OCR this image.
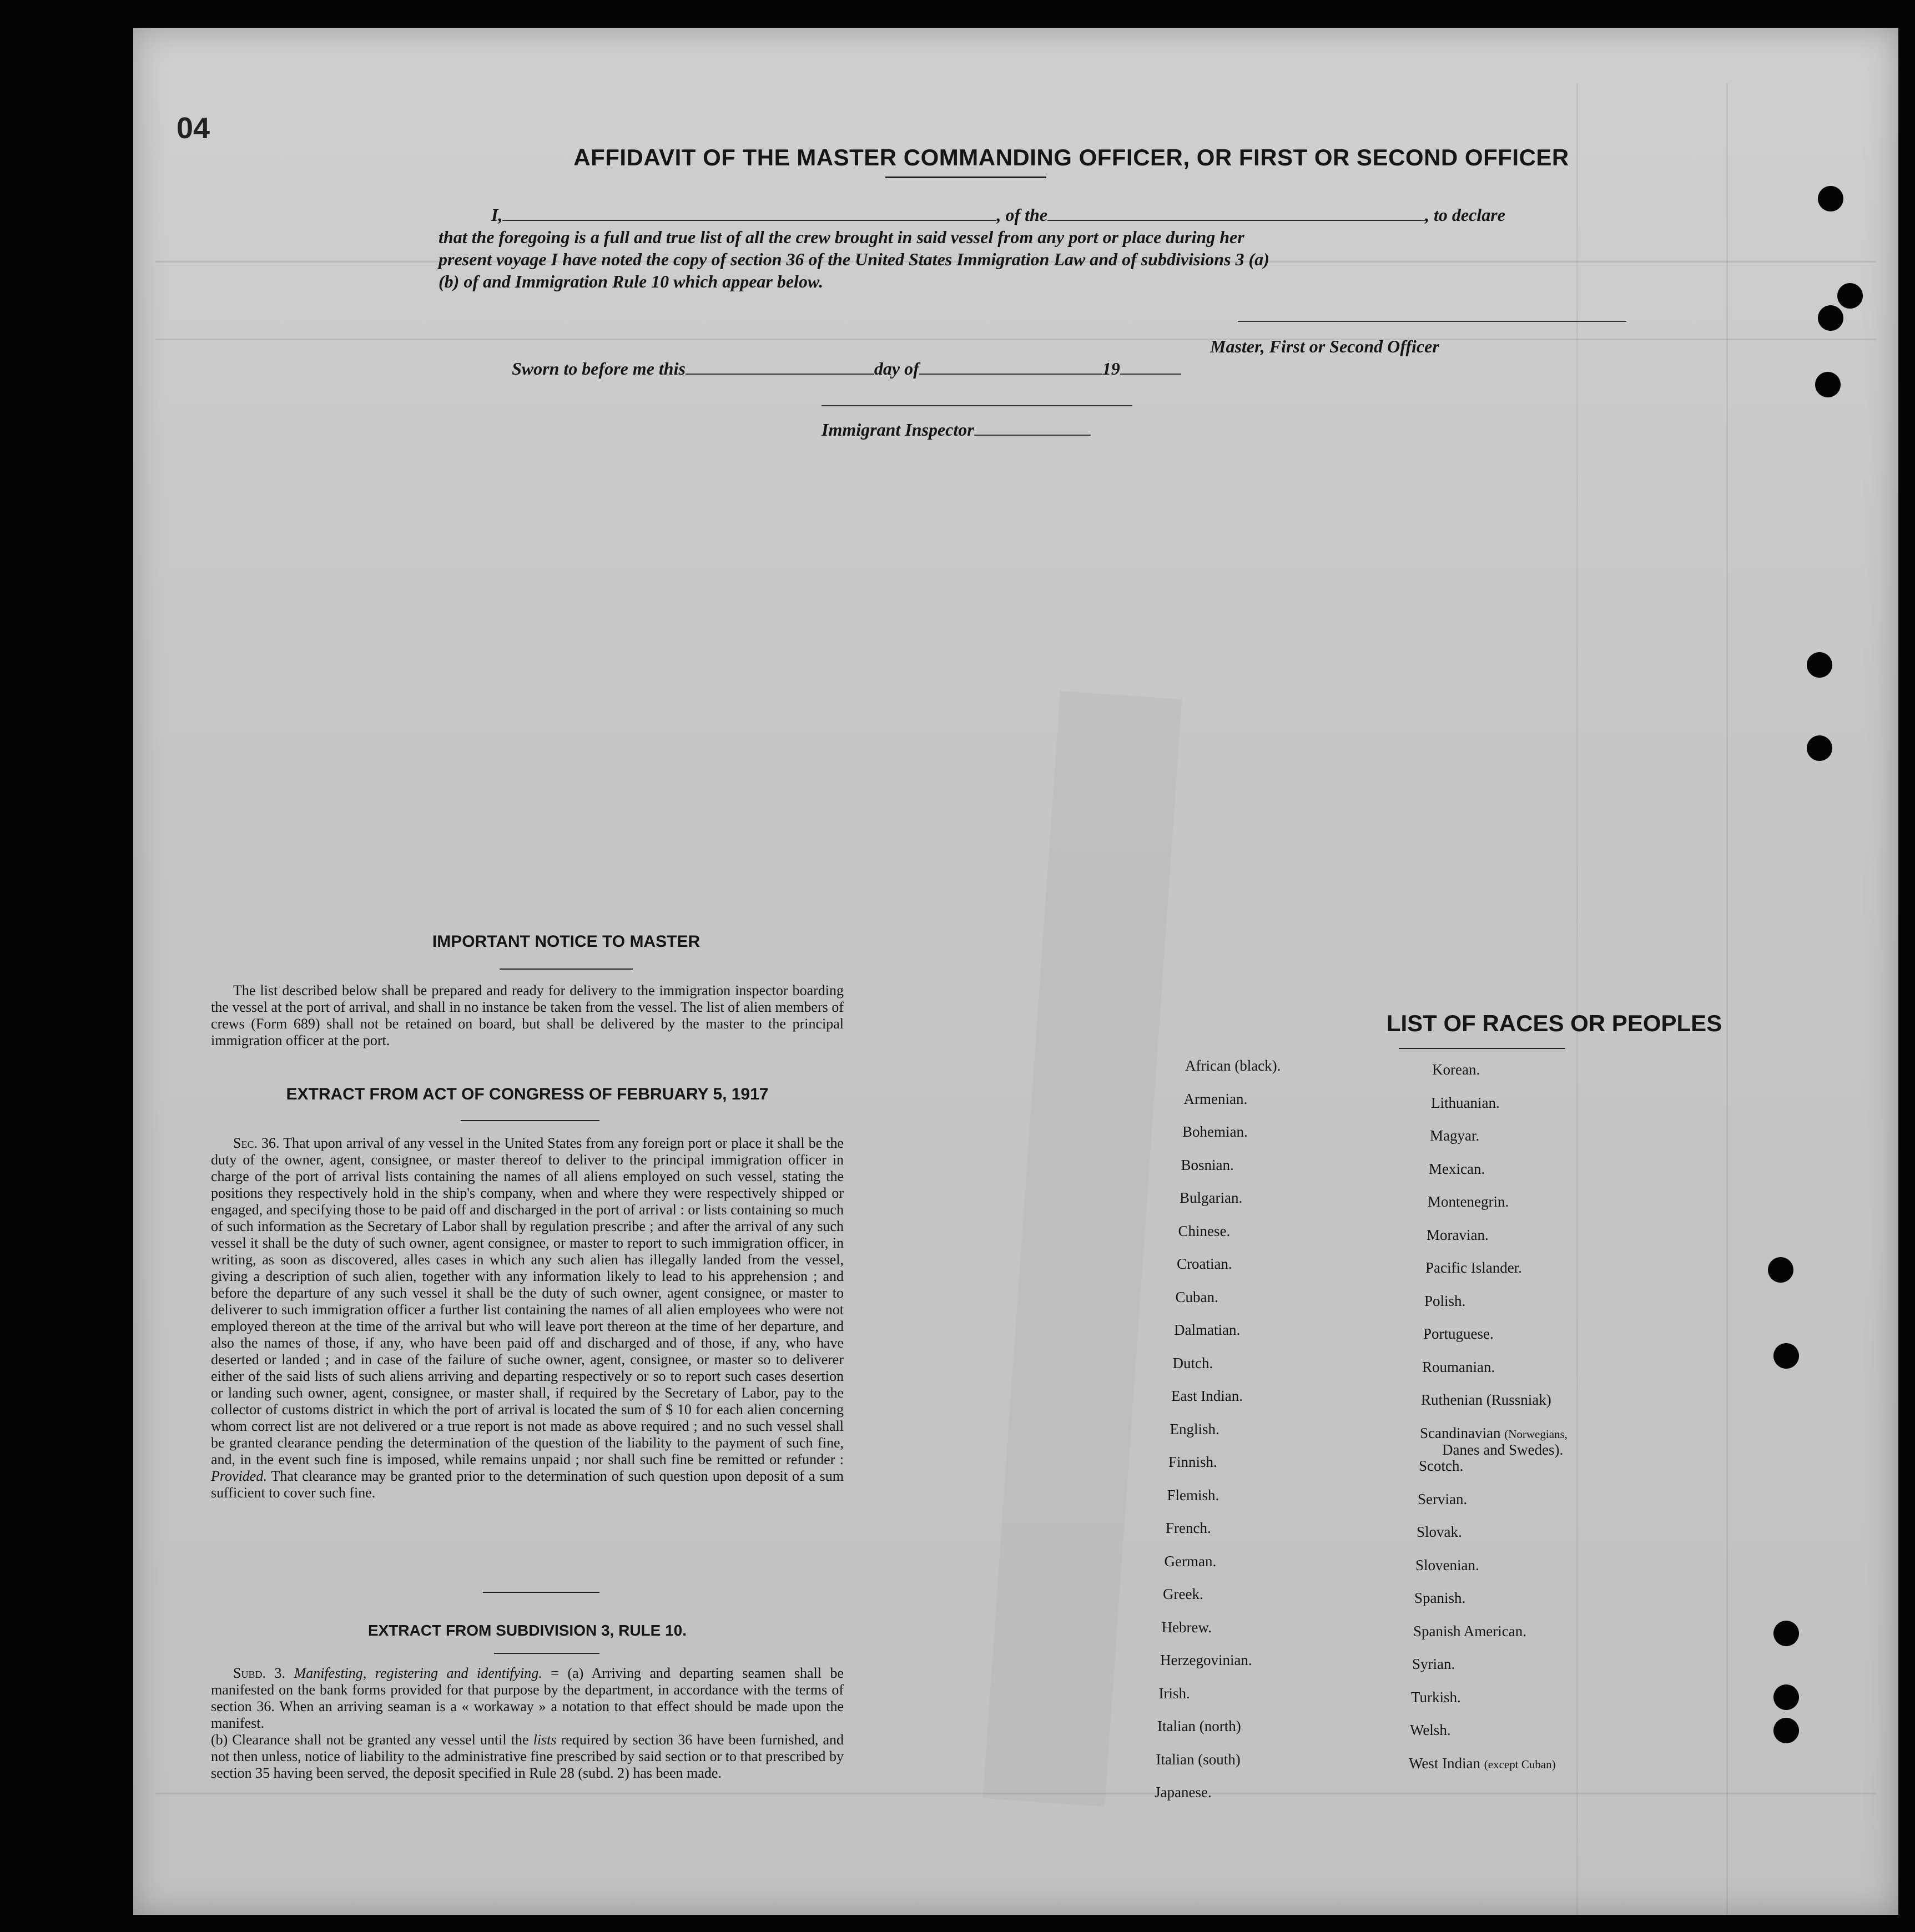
04
AFFIDAVIT OF THE MASTER COMMANDING OFFICER, OR FIRST OR SECOND OFFICER
I,	, of the	, to declare
that the foregoing is a full and true list of all the crew brought in said vessel from any port or place during her
present voyage I have noted the copy of section 36 of the United States Immigration Law and of subdivisions 3 (a)
(b) of and Immigration Rule 10 which appear below.
Master, First or Second Officer
Sworn to before me this	day of	19
Immigrant Inspector
IMPORTANT NOTICE TO MASTER
The list described below shall be prepared and ready for delivery to the immigration inspector boarding the vessel at the port of arrival, and shall in no instance be taken from the vessel. The list of alien members of crews (Form 689) shall not be retained on board, but shall be delivered by the master to the principal immigration officer at the port.
EXTRACT FROM ACT OF CONGRESS OF FEBRUARY 5, 1917
Sec. 36. That upon arrival of any vessel in the United States from any foreign port or place it shall be the duty of the owner, agent, consignee, or master thereof to deliver to the principal immigration officer in charge of the port of arrival lists containing the names of all aliens employed on such vessel, stating the positions they respectively hold in the ship's company, when and where they were respectively shipped or engaged, and specifying those to be paid off and discharged in the port of arrival : or lists containing so much of such information as the Secretary of Labor shall by regulation prescribe ; and after the arrival of any such vessel it shall be the duty of such owner, agent consignee, or master to report to such immigration officer, in writing, as soon as discovered, alles cases in which any such alien has illegally landed from the vessel, giving a description of such alien, together with any information likely to lead to his apprehension ; and before the departure of any such vessel it shall be the duty of such owner, agent consignee, or master to deliverer to such immigration officer a further list containing the names of all alien employees who were not employed thereon at the time of the arrival but who will leave port thereon at the time of her departure, and also the names of those, if any, who have been paid off and discharged and of those, if any, who have deserted or landed ; and in case of the failure of suche owner, agent, consignee, or master so to deliverer either of the said lists of such aliens arriving and departing respectively or so to report such cases desertion or landing such owner, agent, consignee, or master shall, if required by the Secretary of Labor, pay to the collector of customs district in which the port of arrival is located the sum of $ 10 for each alien concerning whom correct list are not delivered or a true report is not made as above required ; and no such vessel shall be granted clearance pending the determination of the question of the liability to the payment of such fine, and, in the event such fine is imposed, while remains unpaid ; nor shall such fine be remitted or refunder : Provided. That clearance may be granted prior to the determination of such question upon deposit of a sum sufficient to cover such fine.
EXTRACT FROM SUBDIVISION 3, RULE 10.
Subd. 3. Manifesting, registering and identifying. = (a) Arriving and departing seamen shall be manifested on the bank forms provided for that purpose by the department, in accordance with the terms of section 36. When an arriving seaman is a « workaway » a notation to that effect should be made upon the manifest.
(b) Clearance shall not be granted any vessel until the lists required by section 36 have been furnished, and not then unless, notice of liability to the administrative fine prescribed by said section or to that prescribed by section 35 having been served, the deposit specified in Rule 28 (subd. 2) has been made.
LIST OF RACES OR PEOPLES
African (black).
Armenian.
Bohemian.
Bosnian.
Bulgarian.
Chinese.
Croatian.
Cuban.
Dalmatian.
Dutch.
East Indian.
English.
Finnish.
Flemish.
French.
German.
Greek.
Hebrew.
Herzegovinian.
Irish.
Italian (north)
Italian (south)
Japanese.
Korean.
Lithuanian.
Magyar.
Mexican.
Montenegrin.
Moravian.
Pacific Islander.
Polish.
Portuguese.
Roumanian.
Ruthenian (Russniak)
Danes and Swedes).
Scandinavian (Norwegians,
Scotch.
Servian.
Slovak.
Slovenian.
Spanish.
Spanish American.
Syrian.
Turkish.
Welsh.
West Indian (except Cuban)
